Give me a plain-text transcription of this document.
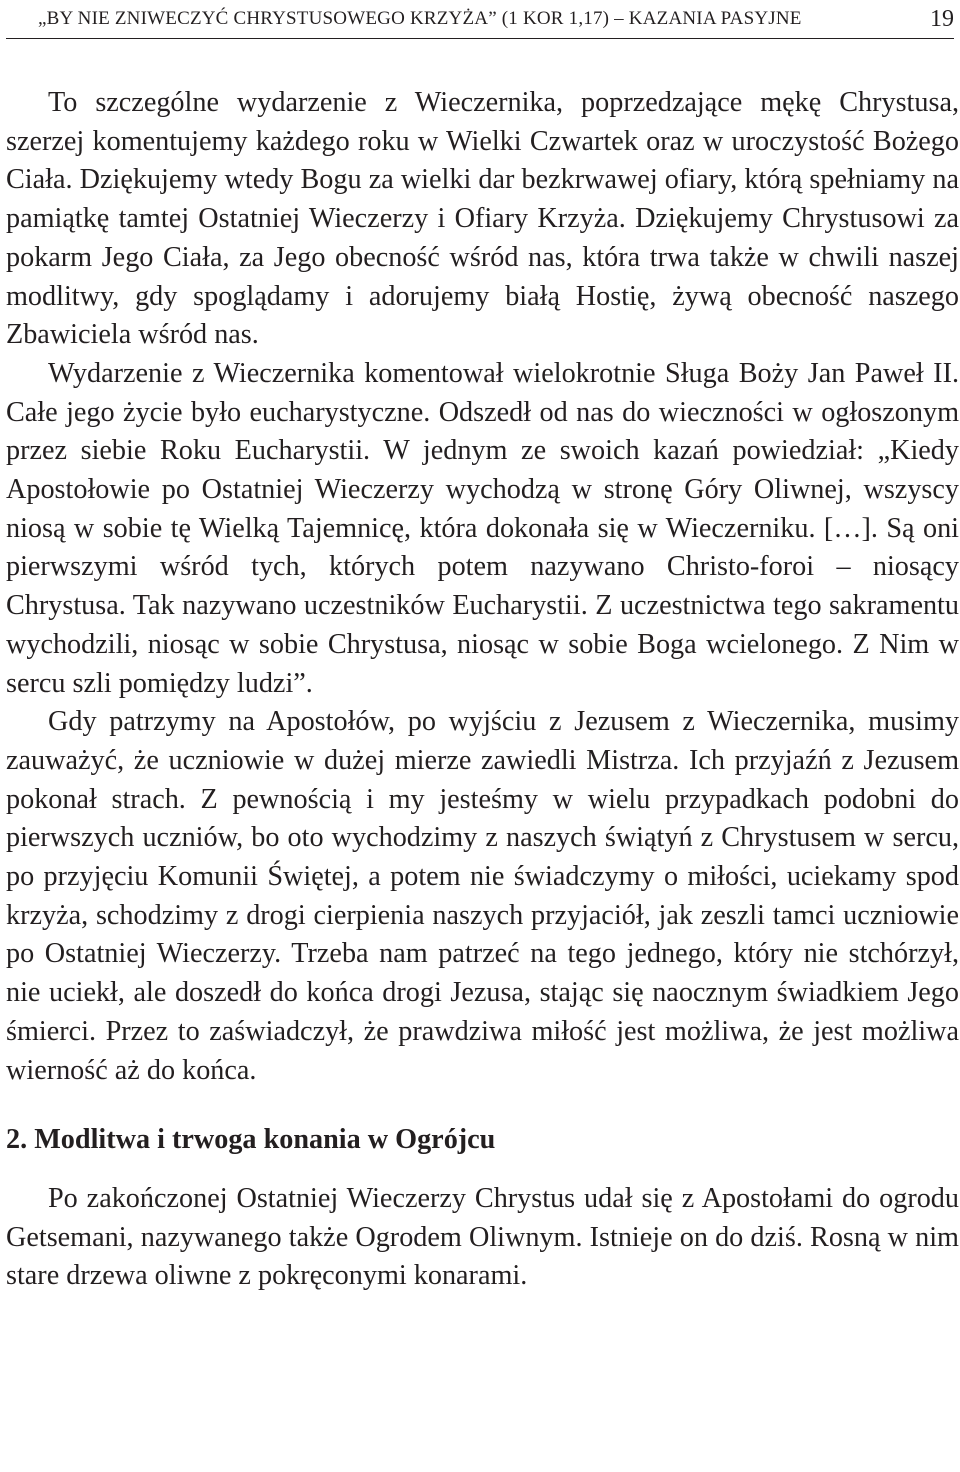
„BY NIE ZNIWECZYĆ CHRYSTUSOWEGO KRZYŻA” (1 KOR 1,17) – KAZANIA PASYJNE	19

To szczególne wydarzenie z Wieczernika, poprzedzające mękę Chrystusa, szerzej komentujemy każdego roku w Wielki Czwartek oraz w uroczystość Bożego Ciała. Dziękujemy wtedy Bogu za wielki dar bezkrwawej ofiary, którą spełniamy na pamiątkę tamtej Ostatniej Wieczerzy i Ofiary Krzyża. Dziękujemy Chrystusowi za pokarm Jego Ciała, za Jego obecność wśród nas, która trwa także w chwili naszej modlitwy, gdy spoglądamy i adorujemy białą Hostię, żywą obecność naszego Zbawiciela wśród nas.

Wydarzenie z Wieczernika komentował wielokrotnie Sługa Boży Jan Paweł II. Całe jego życie było eucharystyczne. Odszedł od nas do wieczności w ogłoszonym przez siebie Roku Eucharystii. W jednym ze swoich kazań powiedział: „Kiedy Apostołowie po Ostatniej Wieczerzy wychodzą w stronę Góry Oliwnej, wszyscy niosą w sobie tę Wielką Tajemnicę, która dokonała się w Wieczerniku. […]. Są oni pierwszymi wśród tych, których potem nazywano Christo-foroi – niosący Chrystusa. Tak nazywano uczestników Eucharystii. Z uczestnictwa tego sakramentu wychodzili, niosąc w sobie Chrystusa, niosąc w sobie Boga wcielonego. Z Nim w sercu szli pomiędzy ludzi”.

Gdy patrzymy na Apostołów, po wyjściu z Jezusem z Wieczernika, musimy zauważyć, że uczniowie w dużej mierze zawiedli Mistrza. Ich przyjaźń z Jezusem pokonał strach. Z pewnością i my jesteśmy w wielu przypadkach podobni do pierwszych uczniów, bo oto wychodzimy z naszych świątyń z Chrystusem w sercu, po przyjęciu Komunii Świętej, a potem nie świadczymy o miłości, uciekamy spod krzyża, schodzimy z drogi cierpienia naszych przyjaciół, jak zeszli tamci uczniowie po Ostatniej Wieczerzy. Trzeba nam patrzeć na tego jednego, który nie stchórzył, nie uciekł, ale doszedł do końca drogi Jezusa, stając się naocznym świadkiem Jego śmierci. Przez to zaświadczył, że prawdziwa miłość jest możliwa, że jest możliwa wierność aż do końca.

2. Modlitwa i trwoga konania w Ogrójcu

Po zakończonej Ostatniej Wieczerzy Chrystus udał się z Apostołami do ogrodu Getsemani, nazywanego także Ogrodem Oliwnym. Istnieje on do dziś. Rosną w nim stare drzewa oliwne z pokręconymi konarami.
